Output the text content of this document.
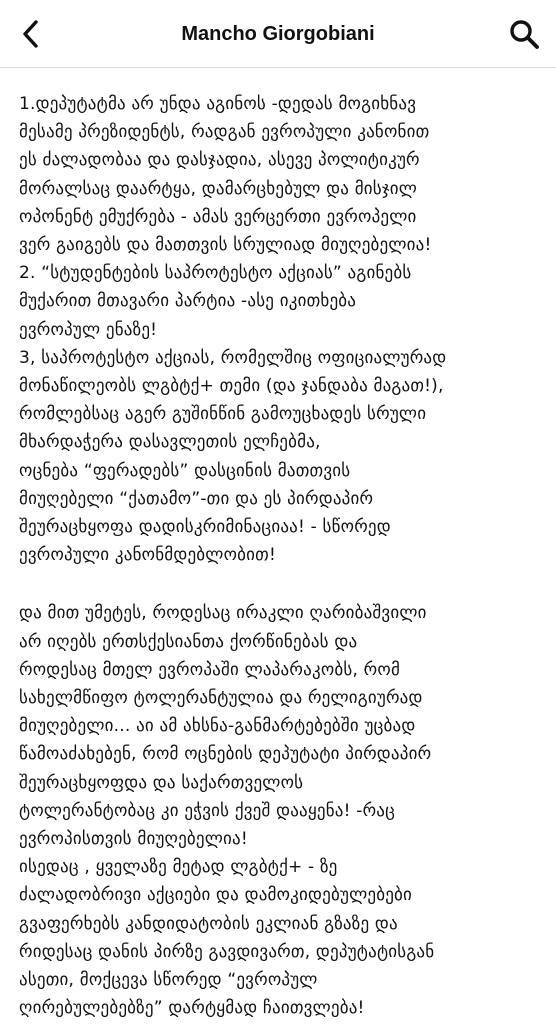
Mancho Giorgobiani

1.დეპუტატმა არ უნდა აგინოს -დედას მოგიხნავ
მესამე პრეზიდენტს, რადგან ევროპული კანონით
ეს ძალადობაა და დასჯადია, ასევე პოლიტიკურ
მორალსაც დაარტყა, დამარცხებულ და მისჯილ
ოპონენტ ემუქრება - ამას ვერცერთი ევროპელი
ვერ გაიგებს და მათთვის სრულიად მიუღებელია!
2. “სტუდენტების საპროტესტო აქციას” აგინებს
მუქარით მთავარი პარტია -ასე იკითხება
ევროპულ ენაზე!
3, საპროტესტო აქციას, რომელშიც ოფიციალურად
მონაწილეობს ლგბტქ+ თემი (და ჯანდაბა მაგათ!),
რომლებსაც აგერ გუშინწინ გამოუცხადეს სრული
მხარდაჭერა დასავლეთის ელჩებმა,
ოცნება “ფერადებს” დასცინის მათთვის
მიუღებელი “ქათამო”-თი და ეს პირდაპირ
შეურაცხყოფა დადისკრიმინაციაა! - სწორედ
ევროპული კანონმდებლობით!

და მით უმეტეს, როდესაც ირაკლი ღარიბაშვილი
არ იღებს ერთსქესიანთა ქორწინებას და
როდესაც მთელ ევროპაში ლაპარაკობს, რომ
სახელმწიფო ტოლერანტულია და რელიგიურად
მიუღებელი... აი ამ ახსნა-განმარტებებში უცბად
წამოაძახებენ, რომ ოცნების დეპუტატი პირდაპირ
შეურაცხყოფდა და საქართველოს
ტოლერანტობაც კი ეჭვის ქვეშ დააყენა! -რაც
ევროპისთვის მიუღებელია!
ისედაც , ყველაზე მეტად ლგბტქ+ - ზე
ძალადობრივი აქციები და დამოკიდებულებები
გვაფერხებს კანდიდატობის ეკლიან გზაზე და
რიდესაც დანის პირზე გავდივართ, დეპუტატისგან
ასეთი, მოქცევა სწორედ “ევროპულ
ღირებულებებზე” დარტყმად ჩაითვლება!
